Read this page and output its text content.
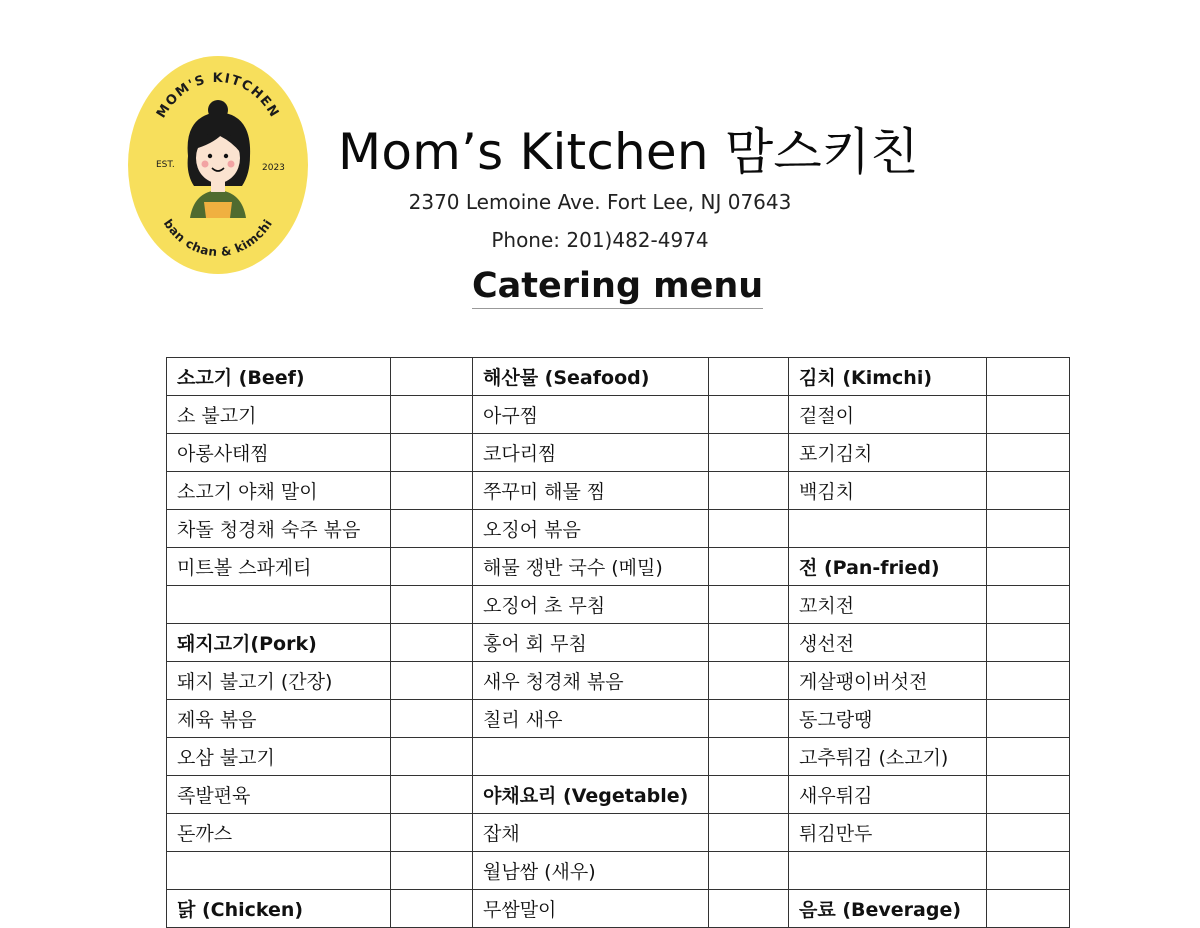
MOM'S KITCHEN
ban chan & kimchi
EST.	2023 Mom’s Kitchen 맘스키친
2370 Lemoine Ave. Fort Lee, NJ 07643
Phone: 201)482-4974
Catering menu
소고기 (Beef)		해산물 (Seafood)		김치 (Kimchi)	
소 불고기		아구찜		겉절이	
아롱사태찜		코다리찜		포기김치	
소고기 야채 말이		쭈꾸미 해물 찜		백김치	
차돌 청경채 숙주 볶음		오징어 볶음			
미트볼 스파게티		해물 쟁반 국수 (메밀)		전 (Pan-fried)	
		오징어 초 무침		꼬치전	
돼지고기(Pork)		홍어 회 무침		생선전	
돼지 불고기 (간장)		새우 청경채 볶음		게살팽이버섯전	
제육 볶음		칠리 새우		동그랑땡	
오삼 불고기				고추튀김 (소고기)	
족발편육		야채요리 (Vegetable)		새우튀김	
돈까스		잡채		튀김만두	
		월남쌈 (새우)			
닭 (Chicken)		무쌈말이		음료 (Beverage)	
